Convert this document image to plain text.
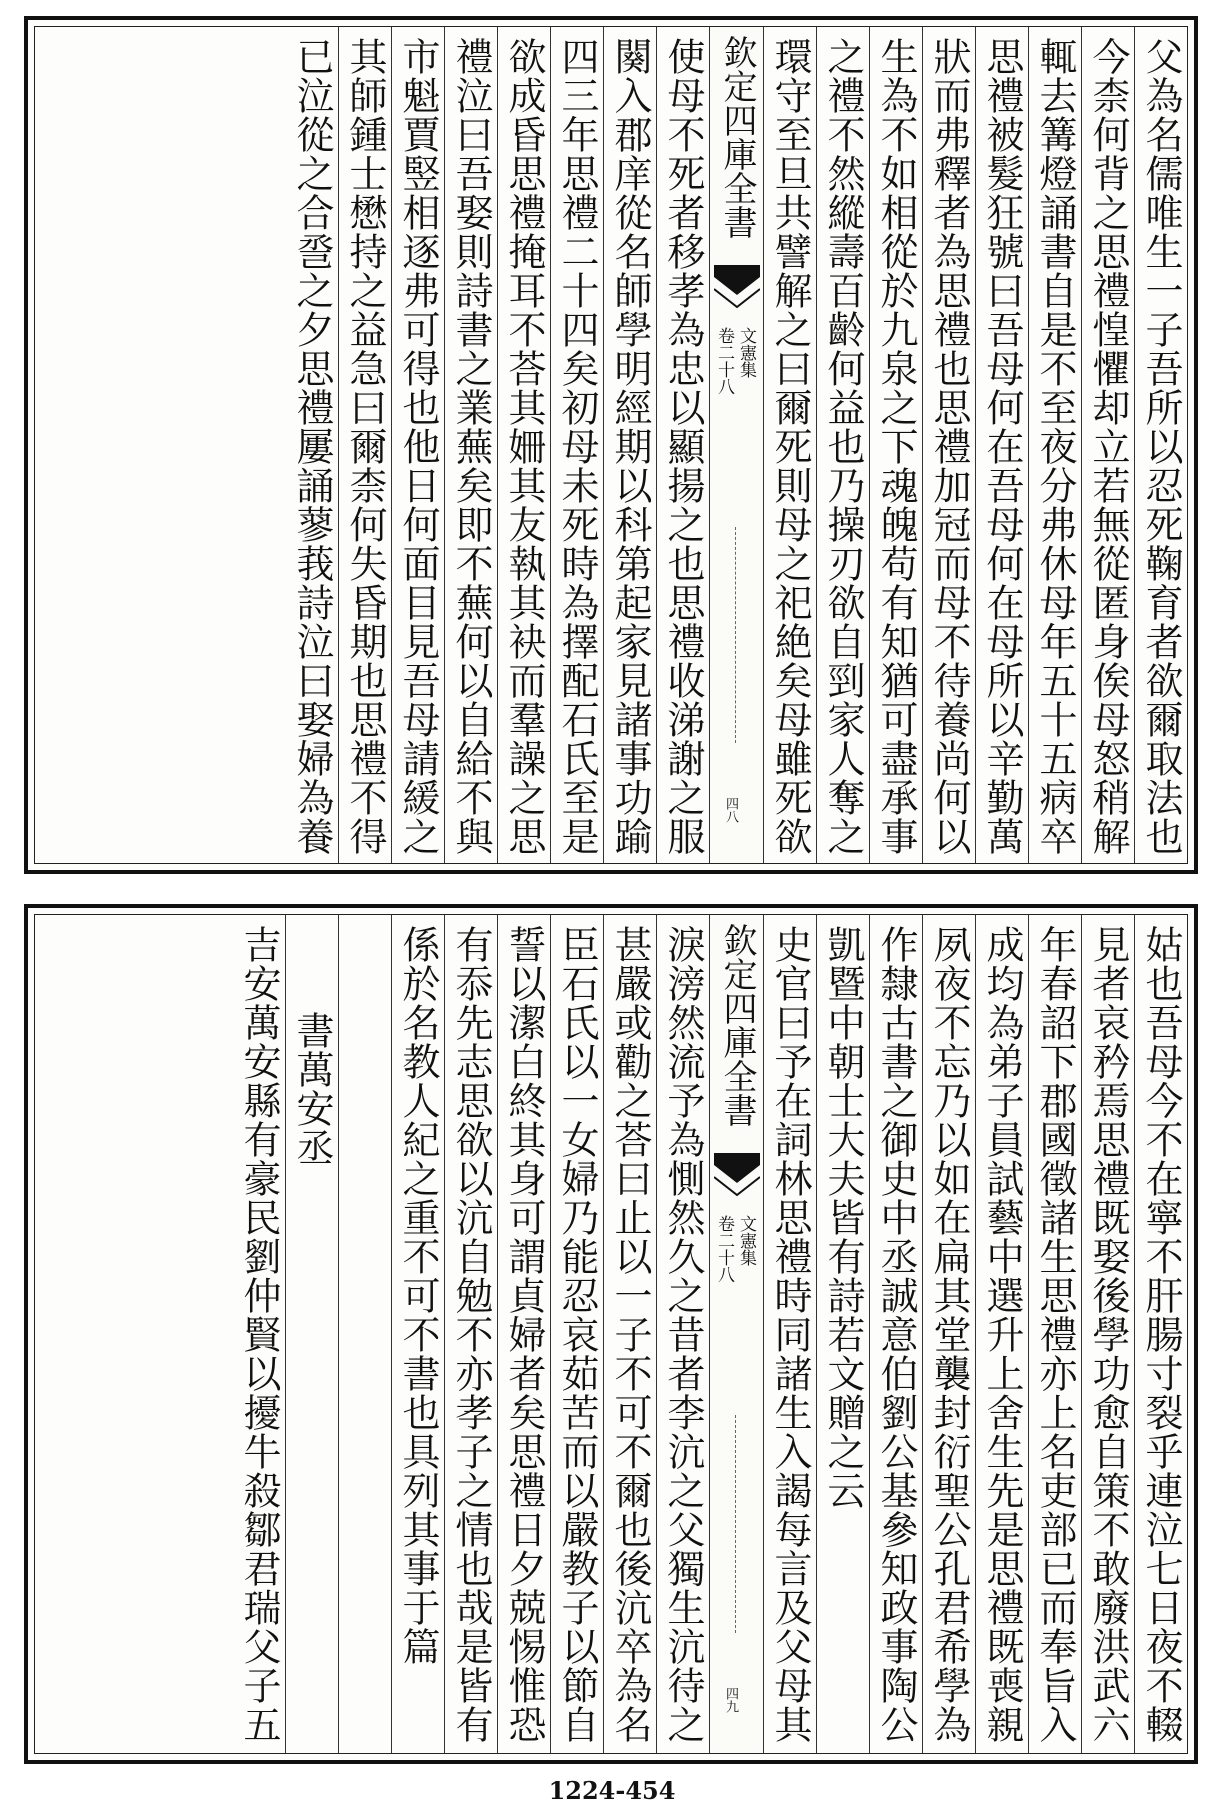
父為名儒唯生一子吾所以忍死鞠育者欲爾取法也
今柰何背之思禮惶懼却立若無從匿身俟母怒稍解
輒去篝燈誦書自是不至夜分弗休母年五十五病卒
思禮被髮狂號曰吾母何在吾母何在母所以辛勤萬
狀而弗釋者為思禮也思禮加冠而母不待養尚何以
生為不如相從於九泉之下魂魄苟有知猶可盡承事
之禮不然縱壽百齡何益也乃操刃欲自剄家人奪之
環守至旦共譬解之曰爾死則母之祀絶矣母雖死欲
欽定四庫全書
文憲集
卷二十八
四八
使母不死者移孝為忠以顯揚之也思禮收涕謝之服
闋入郡庠從名師學明經期以科第起家見諸事功踰
四三年思禮二十四矣初母未死時為擇配石氏至是
欲成昏思禮掩耳不荅其姍其友執其袂而羣譟之思
禮泣曰吾娶則詩書之業蕪矣即不蕪何以自給不與
市魁賈竪相逐弗可得也他日何面目見吾母請緩之
其師鍾士懋持之益急曰爾柰何失昏期也思禮不得
已泣從之合巹之夕思禮屢誦蓼莪詩泣曰娶婦為養
姑也吾母今不在寧不肝腸寸裂乎連泣七日夜不輟
見者哀矜焉思禮既娶後學功愈自策不敢廢洪武六
年春詔下郡國徵諸生思禮亦上名吏部已而奉旨入
成均為弟子員試藝中選升上舍生先是思禮既喪親
夙夜不忘乃以如在扁其堂襲封衍聖公孔君希學為
作隸古書之御史中丞誠意伯劉公基參知政事陶公
凱暨中朝士大夫皆有詩若文贈之云
史官曰予在詞林思禮時同諸生入謁每言及父母其
欽定四庫全書
文憲集
卷二十八
四九
淚滂然流予為惻然久之昔者李沆之父獨生沆待之
甚嚴或勸之荅曰止以一子不可不爾也後沆卒為名
臣石氏以一女婦乃能忍哀茹苦而以嚴教子以節自
誓以潔白終其身可謂貞婦者矣思禮日夕兢惕惟恐
有忝先志思欲以沆自勉不亦孝子之情也哉是皆有
係於名教人紀之重不可不書也具列其事于篇
書萬安丞
吉安萬安縣有豪民劉仲賢以擾牛殺鄒君瑞父子五
1224-454
